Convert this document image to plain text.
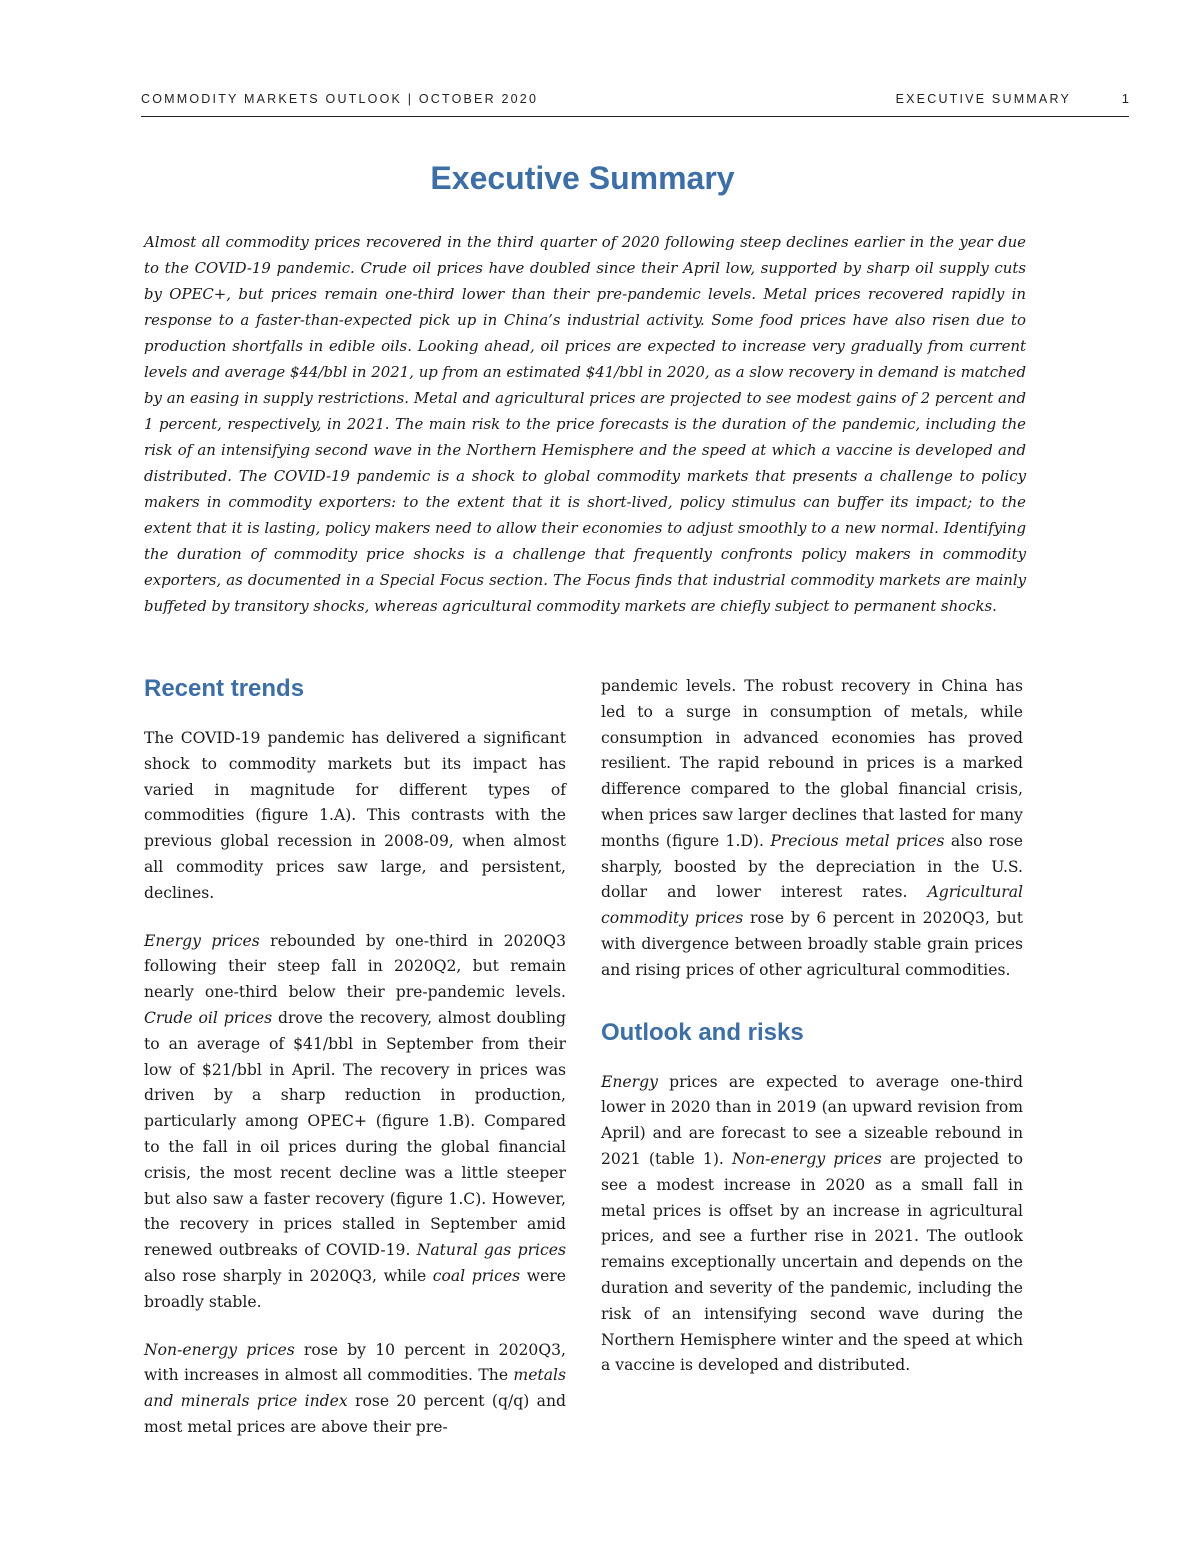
COMMODITY MARKETS OUTLOOK | OCTOBER 2020	EXECUTIVE SUMMARY	1
Executive Summary
Almost all commodity prices recovered in the third quarter of 2020 following steep declines earlier in the year due to the COVID-19 pandemic. Crude oil prices have doubled since their April low, supported by sharp oil supply cuts by OPEC+, but prices remain one-third lower than their pre-pandemic levels. Metal prices recovered rapidly in response to a faster-than-expected pick up in China’s industrial activity. Some food prices have also risen due to production shortfalls in edible oils. Looking ahead, oil prices are expected to increase very gradually from current levels and average $44/bbl in 2021, up from an estimated $41/bbl in 2020, as a slow recovery in demand is matched by an easing in supply restrictions. Metal and agricultural prices are projected to see modest gains of 2 percent and 1 percent, respectively, in 2021. The main risk to the price forecasts is the duration of the pandemic, including the risk of an intensifying second wave in the Northern Hemisphere and the speed at which a vaccine is developed and distributed. The COVID-19 pandemic is a shock to global commodity markets that presents a challenge to policy makers in commodity exporters: to the extent that it is short-lived, policy stimulus can buffer its impact; to the extent that it is lasting, policy makers need to allow their economies to adjust smoothly to a new normal. Identifying the duration of commodity price shocks is a challenge that frequently confronts policy makers in commodity exporters, as documented in a Special Focus section. The Focus finds that industrial commodity markets are mainly buffeted by transitory shocks, whereas agricultural commodity markets are chiefly subject to permanent shocks.
Recent trends

The COVID-19 pandemic has delivered a significant shock to commodity markets but its impact has varied in magnitude for different types of commodities (figure 1.A). This contrasts with the previous global recession in 2008-09, when almost all commodity prices saw large, and persistent, declines.

Energy prices rebounded by one-third in 2020Q3 following their steep fall in 2020Q2, but remain nearly one-third below their pre-pandemic levels. Crude oil prices drove the recovery, almost doubling to an average of $41/bbl in September from their low of $21/bbl in April. The recovery in prices was driven by a sharp reduction in production, particularly among OPEC+ (figure 1.B). Compared to the fall in oil prices during the global financial crisis, the most recent decline was a little steeper but also saw a faster recovery (figure 1.C). However, the recovery in prices stalled in September amid renewed outbreaks of COVID-19. Natural gas prices also rose sharply in 2020Q3, while coal prices were broadly stable.

Non-energy prices rose by 10 percent in 2020Q3, with increases in almost all commodities. The metals and minerals price index rose 20 percent (q/q) and most metal prices are above their pre-

pandemic levels. The robust recovery in China has led to a surge in consumption of metals, while consumption in advanced economies has proved resilient. The rapid rebound in prices is a marked difference compared to the global financial crisis, when prices saw larger declines that lasted for many months (figure 1.D). Precious metal prices also rose sharply, boosted by the depreciation in the U.S. dollar and lower interest rates. Agricultural commodity prices rose by 6 percent in 2020Q3, but with divergence between broadly stable grain prices and rising prices of other agricultural commodities.

Outlook and risks

Energy prices are expected to average one-third lower in 2020 than in 2019 (an upward revision from April) and are forecast to see a sizeable rebound in 2021 (table 1). Non-energy prices are projected to see a modest increase in 2020 as a small fall in metal prices is offset by an increase in agricultural prices, and see a further rise in 2021. The outlook remains exceptionally uncertain and depends on the duration and severity of the pandemic, including the risk of an intensifying second wave during the Northern Hemisphere winter and the speed at which a vaccine is developed and distributed.
